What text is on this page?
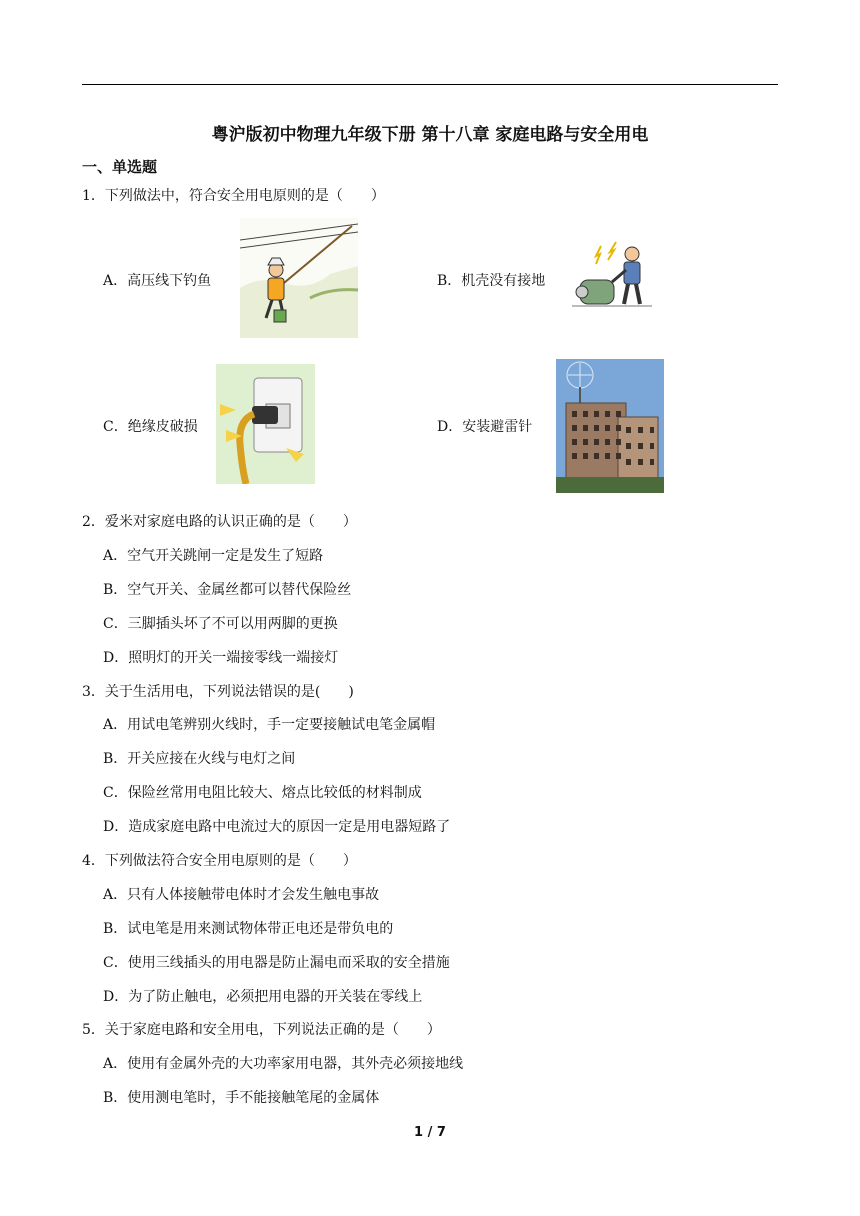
粤沪版初中物理九年级下册 第十八章 家庭电路与安全用电
一、单选题
1．下列做法中，符合安全用电原则的是（　　）
A．高压线下钓鱼	B．机壳没有接地
C．绝缘皮破损	D．安装避雷针
2．爱米对家庭电路的认识正确的是（　　）
A．空气开关跳闸一定是发生了短路
B．空气开关、金属丝都可以替代保险丝
C．三脚插头坏了不可以用两脚的更换
D．照明灯的开关一端接零线一端接灯
3．关于生活用电，下列说法错误的是(　　)
A．用试电笔辨别火线时，手一定要接触试电笔金属帽
B．开关应接在火线与电灯之间
C．保险丝常用电阻比较大、熔点比较低的材料制成
D．造成家庭电路中电流过大的原因一定是用电器短路了
4．下列做法符合安全用电原则的是（　　）
A．只有人体接触带电体时才会发生触电事故
B．试电笔是用来测试物体带正电还是带负电的
C．使用三线插头的用电器是防止漏电而采取的安全措施
D．为了防止触电，必须把用电器的开关装在零线上
5．关于家庭电路和安全用电，下列说法正确的是（　　）
A．使用有金属外壳的大功率家用电器，其外壳必须接地线
B．使用测电笔时，手不能接触笔尾的金属体
1 / 7
